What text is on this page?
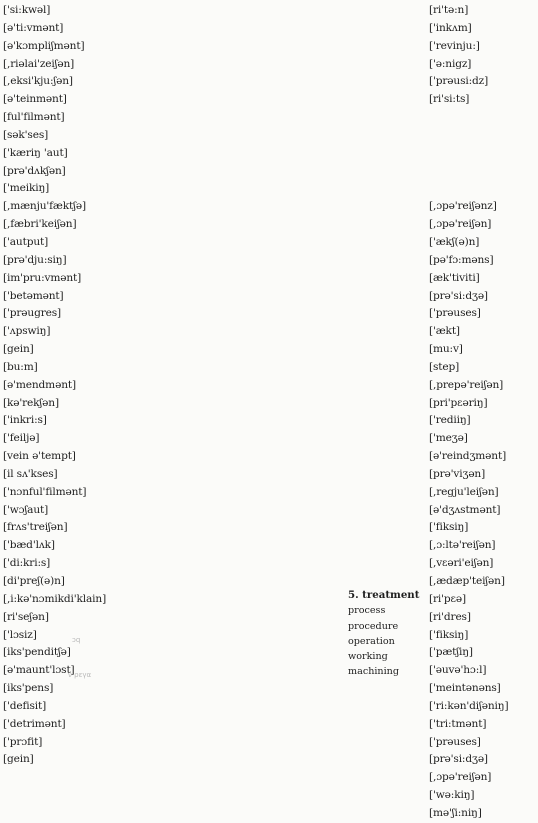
['si:kwəl]
[ə'ti:vmənt]
[ə'kɔmpliʃmənt]
[,riəlai'zeiʃən]
[,eksi'kju:ʃən]
[ə'teinmənt]
[ful'filmənt]
[sək'ses]
['kæriŋ 'aut]
[prə'dʌkʃən]
['meikiŋ]
[,mænju'fæktʃə]
[,fæbri'keiʃən]
['autput]
[prə'dju:siŋ]
[im'pru:vmənt]
['betəmənt]
['prəugres]
['ʌpswiŋ]
[gein]
[bu:m]
[ə'mendmənt]
[kə'rekʃən]
['inkri:s]
['feiljə]
[vein ə'tempt]
[il sʌ'kses]
['nɔnful'filmənt]
['wɔʃaut]
[frʌs'treiʃən]
['bæd'lʌk]
['di:kri:s]
[di'preʃ(ə)n]
[,i:kə'nɔmikdi'klain]
[ri'seʃən]
['lɔsiz]
[iks'penditʃə]
[ə'maunt'lɔst]
[iks'pens]
['defisit]
['detrimənt]
['prɔfit]
[gein]
[ri'tə:n]
['inkʌm]
['revinju:]
['ə:nigz]
['prəusi:dz]
[ri'si:ts]
[,ɔpə'reiʃənz]
[,ɔpə'reiʃən]
['ækʃ(ə)n]
[pə'fɔ:məns]
[æk'tiviti]
[prə'si:dʒə]
['prəuses]
['ækt]
[mu:v]
[step]
[,prepə'reiʃən]
[pri'pɛəriŋ]
['rediiŋ]
['meʒə]
[ə'reindʒmənt]
[prə'viʒən]
[,regju'leiʃən]
[ə'dʒʌstmənt]
['fiksiŋ]
[,ɔ:ltə'reiʃən]
[,vɛəri'eiʃən]
[,ædæp'teiʃən]
[ri'pɛə]
[ri'dres]
['fiksiŋ]
['pætʃiŋ]
['əuvə'hɔ:l]
['meintənəns]
['ri:kən'diʃəniŋ]
['tri:tmənt]
['prəuses]
[prə'si:dʒə]
[,ɔpə'reiʃən]
['wə:kiŋ]
[mə'ʃi:niŋ]
5. treatment
process
procedure
operation
working
machining
ɔq
ν ρεγα
